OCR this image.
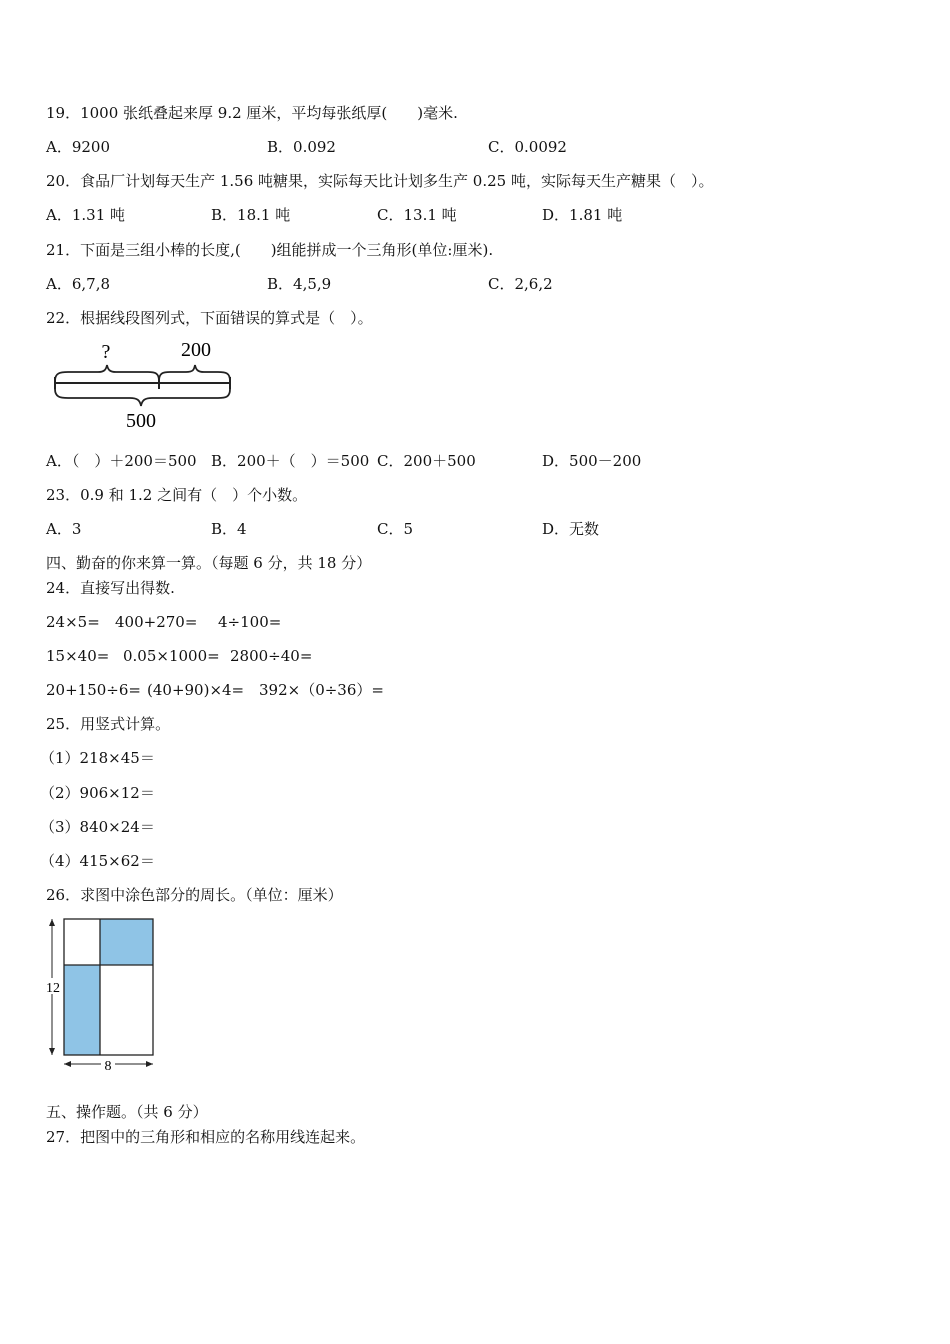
19．1000 张纸叠起来厚 9.2 厘米，平均每张纸厚(　　)毫米.
A．9200	B．0.092	C．0.0092
20．食品厂计划每天生产 1.56 吨糖果，实际每天比计划多生产 0.25 吨，实际每天生产糖果（　）。
A．1.31 吨	B．18.1 吨	C．13.1 吨	D．1.81 吨
21．下面是三组小棒的长度,(　　)组能拼成一个三角形(单位:厘米).
A．6,7,8	B．4,5,9	C．2,6,2
22．根据线段图列式，下面错误的算式是（　）。
?	200
500
A．（　）＋200＝500 B．200＋（　）＝500 C．200＋500	D．500－200
23．0.9 和 1.2 之间有（　）个小数。
A．3	B．4	C．5	D．无数
四、勤奋的你来算一算。（每题 6 分，共 18 分）
24．直接写出得数.
24×5= 400+270= 4÷100=
15×40= 0.05×1000= 2800÷40=
20+150÷6= (40+90)×4= 392×（0÷36）=
25．用竖式计算。
（1）218×45＝
（2）906×12＝
（3）840×24＝
（4）415×62＝
26．求图中涂色部分的周长。（单位：厘米）
12
8
五、操作题。（共 6 分）
27．把图中的三角形和相应的名称用线连起来。
